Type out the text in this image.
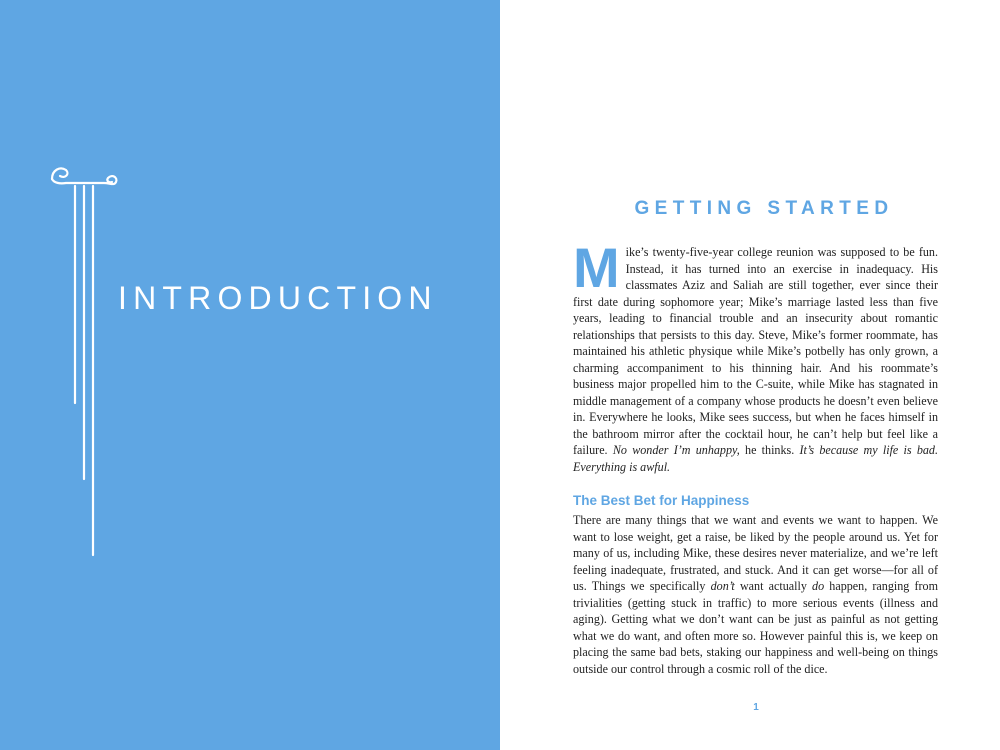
INTRODUCTION
GETTING STARTED

Mike’s twenty-five-year college reunion was supposed to be fun. Instead, it has turned into an exercise in inadequacy. His classmates Aziz and Saliah are still together, ever since their first date during sophomore year; Mike’s marriage lasted less than five years, leading to financial trouble and an insecurity about romantic relationships that persists to this day. Steve, Mike’s former roommate, has maintained his athletic physique while Mike’s potbelly has only grown, a charming accompaniment to his thinning hair. And his roommate’s business major propelled him to the C-suite, while Mike has stagnated in middle management of a company whose products he doesn’t even believe in. Everywhere he looks, Mike sees success, but when he faces himself in the bathroom mirror after the cocktail hour, he can’t help but feel like a failure. No wonder I’m unhappy, he thinks. It’s because my life is bad. Everything is awful.

The Best Bet for Happiness

There are many things that we want and events we want to happen. We want to lose weight, get a raise, be liked by the people around us. Yet for many of us, including Mike, these desires never materialize, and we’re left feeling inadequate, frustrated, and stuck. And it can get worse—for all of us. Things we specifically don’t want actually do happen, ranging from trivialities (getting stuck in traffic) to more serious events (illness and aging). Getting what we don’t want can be just as painful as not getting what we do want, and often more so. However painful this is, we keep on placing the same bad bets, staking our happiness and well-being on things outside our control through a cosmic roll of the dice.

1
